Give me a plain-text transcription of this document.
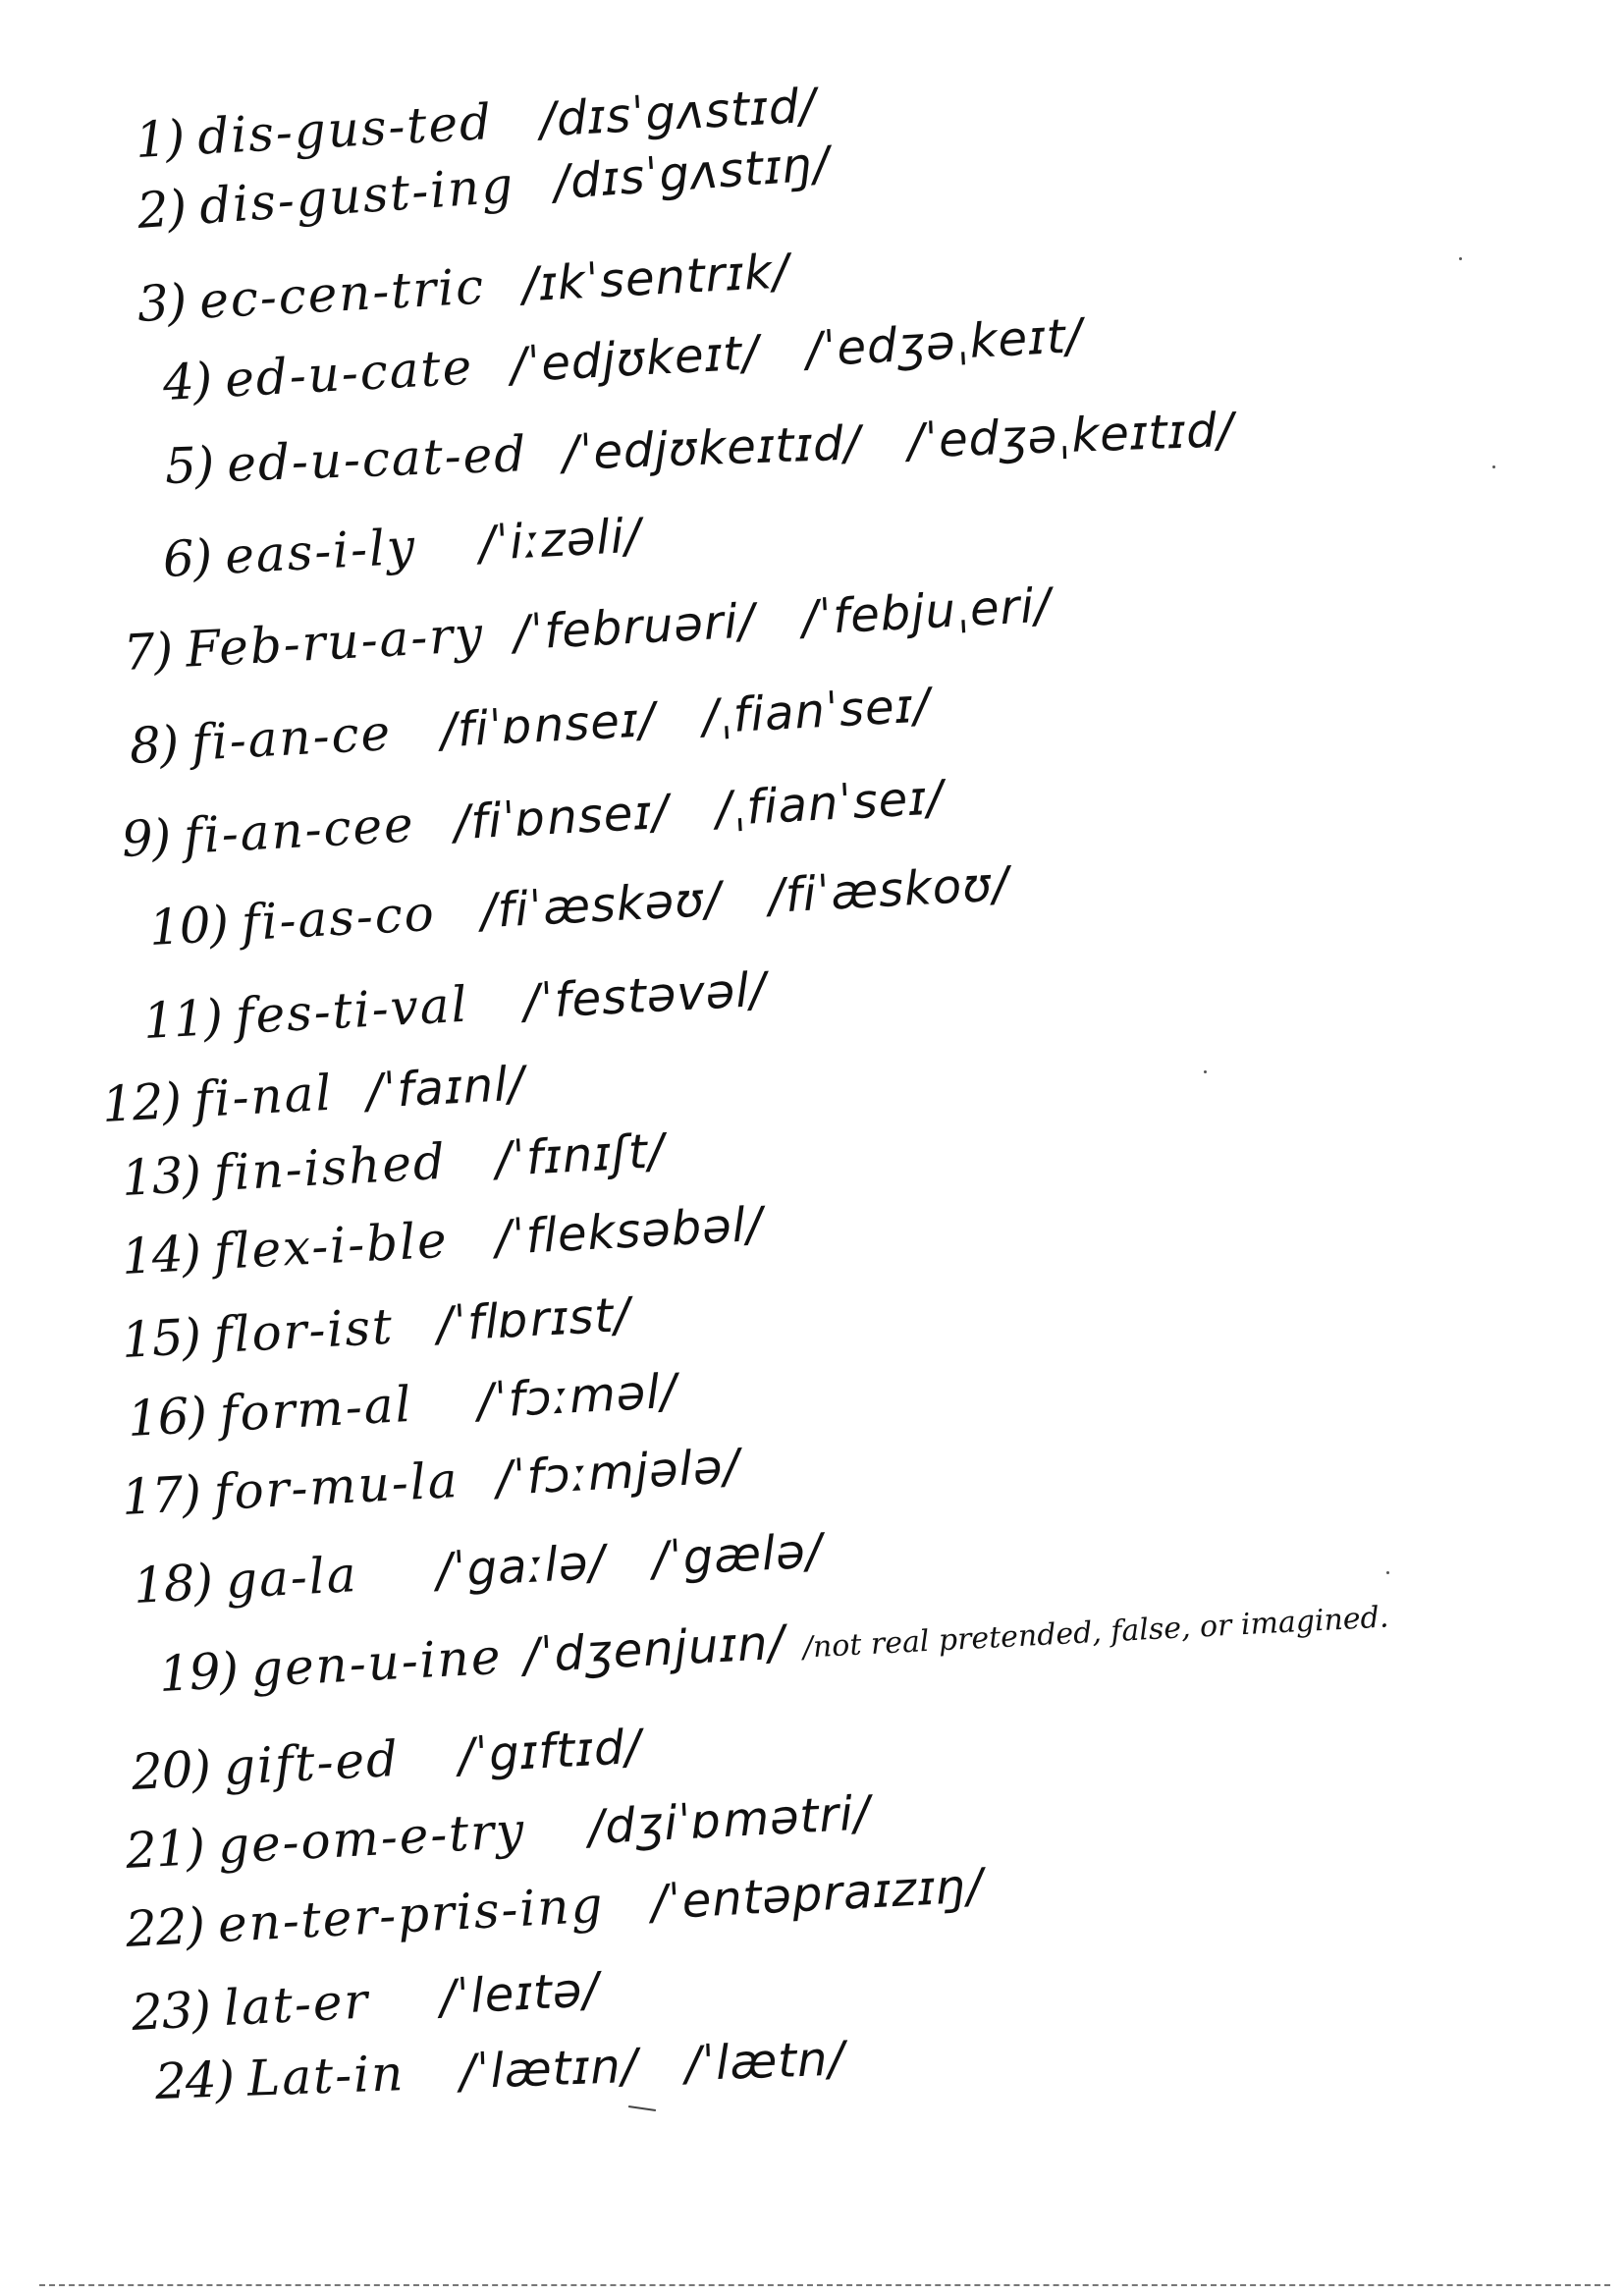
1) dis-gus-ted /dɪsˈgʌstɪd/
2) dis-gust-ing /dɪsˈgʌstɪŋ/
3) ec-cen-tric /ɪkˈsentrɪk/
4) ed-u-cate /ˈedjʊkeɪt/ /ˈedʒəˌkeɪt/
5) ed-u-cat-ed /ˈedjʊkeɪtɪd/ /ˈedʒəˌkeɪtɪd/
6) eas-i-ly /ˈiːzəli/
7) Feb-ru-a-ry /ˈfebruəri/ /ˈfebjuˌeri/
8) fi-an-ce /fiˈɒnseɪ/ /ˌfianˈseɪ/
9) fi-an-cee /fiˈɒnseɪ/ /ˌfianˈseɪ/
10) fi-as-co /fiˈæskəʊ/ /fiˈæskoʊ/
11) fes-ti-val /ˈfestəvəl/
12) fi-nal /ˈfaɪnl/
13) fin-ished /ˈfɪnɪʃt/
14) flex-i-ble /ˈfleksəbəl/
15) flor-ist /ˈflɒrɪst/
16) form-al /ˈfɔːməl/
17) for-mu-la /ˈfɔːmjələ/
18) ga-la /ˈgaːlə/ /ˈgælə/
19) gen-u-ine /ˈdʒenjuɪn/ /not real pretended, false, or imagined.
20) gift-ed /ˈgɪftɪd/
21) ge-om-e-try /dʒiˈɒmətri/
22) en-ter-pris-ing /ˈentəpraɪzɪŋ/
23) lat-er /ˈleɪtə/
24) Lat-in /ˈlætɪn/ /ˈlætn/
